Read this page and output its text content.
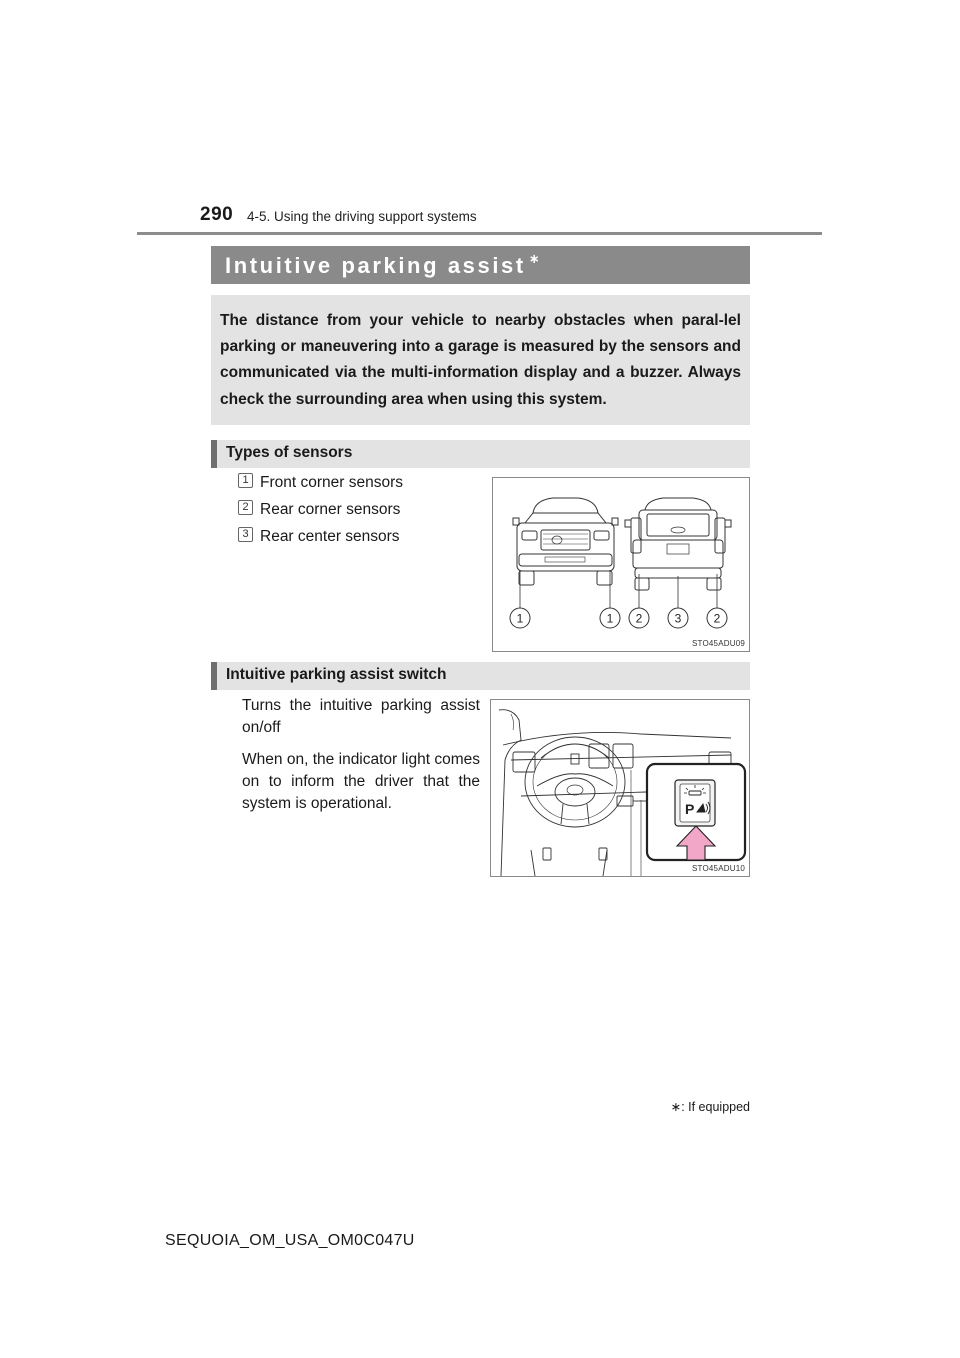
290 4-5. Using the driving support systems
Intuitive parking assist ∗
The distance from your vehicle to nearby obstacles when paral-lel parking or maneuvering into a garage is measured by the sensors and communicated via the multi-information display and a buzzer. Always check the surrounding area when using this system.
Types of sensors
1 Front corner sensors
2 Rear corner sensors
3 Rear center sensors
1	1 2	3	2
STO45ADU09
Intuitive parking assist switch
Turns the intuitive parking assist on/off
When on, the indicator light comes on to inform the driver that the system is operational.	P
STO45ADU10
∗: If equipped
SEQUOIA_OM_USA_OM0C047U
